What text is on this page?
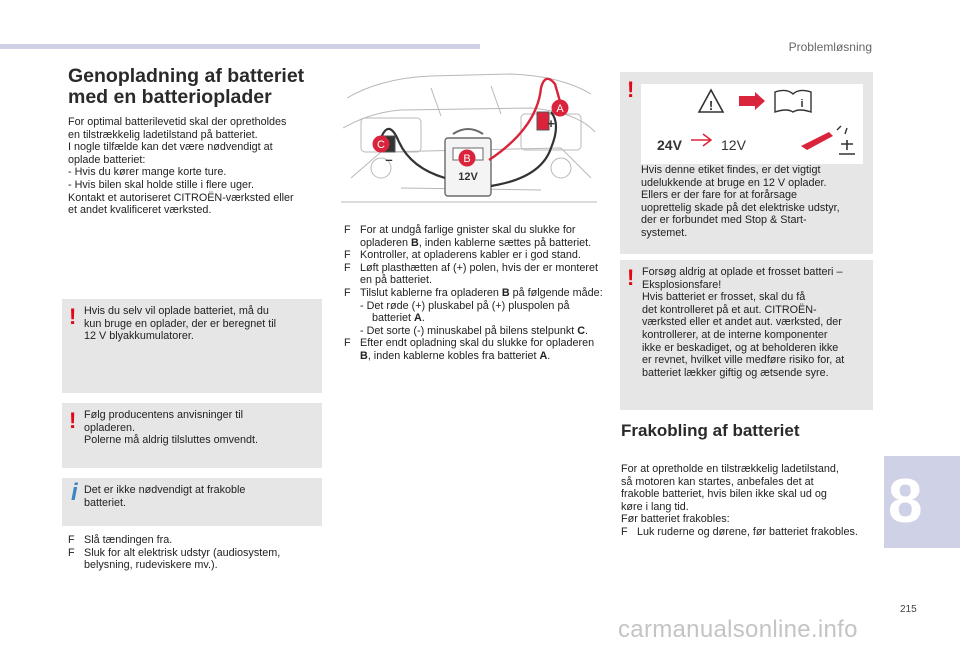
Problemløsning
Genopladning af batteriet
med en batterioplader
For optimal batterilevetid skal der opretholdes
en tilstrækkelig ladetilstand på batteriet.
I nogle tilfælde kan det være nødvendigt at
oplade batteriet:
- Hvis du kører mange korte ture.
- Hvis bilen skal holde stille i flere uger.
Kontakt et autoriseret CITROËN-værksted eller
et andet kvalificeret værksted.
! Hvis du selv vil oplade batteriet, må du
kun bruge en oplader, der er beregnet til
12 V blyakkumulatorer.
! Følg producentens anvisninger til
opladeren.
Polerne må aldrig tilsluttes omvendt.
i Det er ikke nødvendigt at frakoble
batteriet.
F Slå tændingen fra.
F Sluk for alt elektrisk udstyr (audiosystem, belysning, rudeviskere mv.).
A
C
B
12V
+
–
F For at undgå farlige gnister skal du slukke for opladeren B, inden kablerne sættes på batteriet.
F Kontroller, at opladerens kabler er i god stand.
F Løft plasthætten af (+) polen, hvis der er monteret en på batteriet.
F Tilslut kablerne fra opladeren B på følgende måde:
- Det røde (+) pluskabel på (+) pluspolen på batteriet A.
- Det sorte (-) minuskabel på bilens stelpunkt C.
F Efter endt opladning skal du slukke for opladeren B, inden kablerne kobles fra batteriet A.
!
!	i
24V	12V
Hvis denne etiket findes, er det vigtigt
udelukkende at bruge en 12 V oplader.
Ellers er der fare for at forårsage
uoprettelig skade på det elektriske udstyr,
der er forbundet med Stop & Start-
systemet.
! Forsøg aldrig at oplade et frosset batteri –
Eksplosionsfare!
Hvis batteriet er frosset, skal du få
det kontrolleret på et aut. CITROËN-
værksted eller et andet aut. værksted, der
kontrollerer, at de interne komponenter
ikke er beskadiget, og at beholderen ikke
er revnet, hvilket ville medføre risiko for, at
batteriet lækker giftig og ætsende syre.
Frakobling af batteriet
For at opretholde en tilstrækkelig ladetilstand,
så motoren kan startes, anbefales det at
frakoble batteriet, hvis bilen ikke skal ud og
køre i lang tid.
Før batteriet frakobles:
F Luk ruderne og dørene, før batteriet frakobles. 8
215
carmanualsonline.info
